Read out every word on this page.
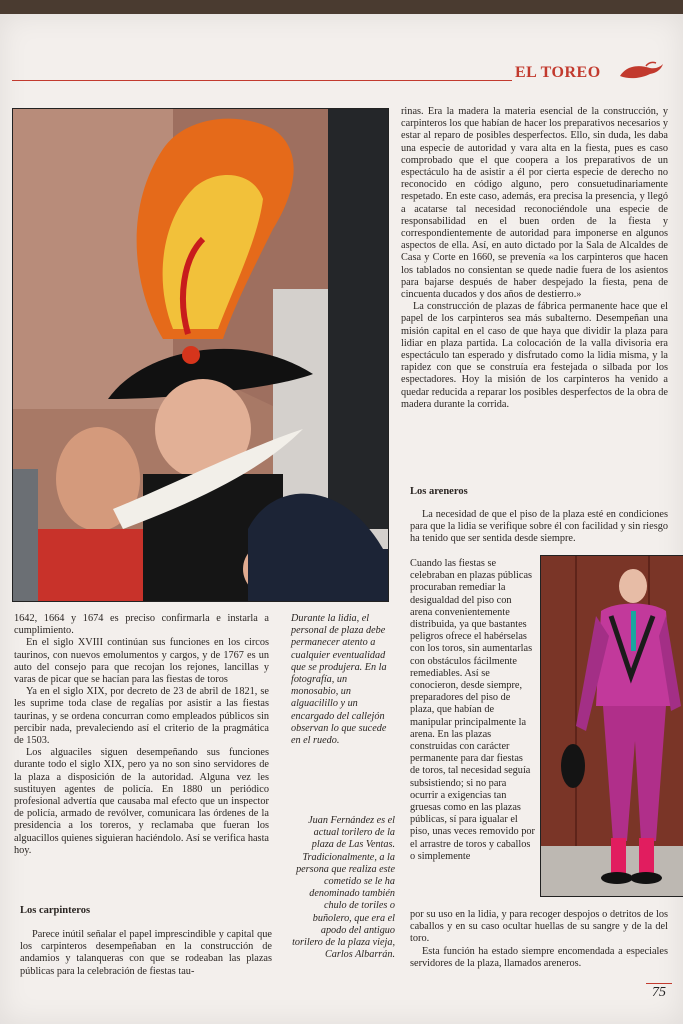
EL TOREO

1642, 1664 y 1674 es preciso confirmarla e instarla a cumplimiento.

En el siglo XVIII continúan sus funciones en los circos taurinos, con nuevos emolumentos y cargos, y de 1767 es un auto del consejo para que recojan los rejones, lancillas y varas de picar que se hacían para las fiestas de toros

Ya en el siglo XIX, por decreto de 23 de abril de 1821, se les suprime toda clase de regalías por asistir a las fiestas taurinas, y se ordena concurran como empleados públicos sin percibir nada, prevaleciendo así el criterio de la pragmática de 1503.

Los alguaciles siguen desempeñando sus funciones durante todo el siglo XIX, pero ya no son sino servidores de la plaza a disposición de la autoridad. Alguna vez les sustituyen agentes de policía. En 1880 un periódico profesional advertía que causaba mal efecto que un inspector de policía, armado de revólver, comunicara las órdenes de la presidencia a los toreros, y reclamaba que fueran los alguacillos quienes siguieran haciéndolo. Así se verifica hasta hoy.

Los carpinteros

Parece inútil señalar el papel imprescindible y capital que los carpinteros desempeñaban en la construcción de andamios y talanqueras con que se rodeaban las plazas públicas para la celebración de fiestas tau-

Durante la lidia, el personal de plaza debe permanecer atento a cualquier eventualidad que se produjera. En la fotografía, un monosabio, un alguacilillo y un encargado del callejón observan lo que sucede en el ruedo.
Juan Fernández es el actual torilero de la plaza de Las Ventas. Tradicionalmente, a la persona que realiza este cometido se le ha denominado también chulo de toriles o buñolero, que era el apodo del antiguo torilero de la plaza vieja, Carlos Albarrán.

rinas. Era la madera la materia esencial de la construcción, y carpinteros los que habían de hacer los preparativos necesarios y estar al reparo de posibles desperfectos. Ello, sin duda, les daba una especie de autoridad y vara alta en la fiesta, pues es caso comprobado que el que coopera a los preparativos de un espectáculo ha de asistir a él por cierta especie de derecho no reconocido en código alguno, pero consuetudinariamente respetado. En este caso, además, era precisa la presencia, y llegó a acatarse tal necesidad reconociéndole una especie de responsabilidad en el buen orden de la fiesta y correspondientemente de autoridad para imponerse en algunos aspectos de ella. Así, en auto dictado por la Sala de Alcaldes de Casa y Corte en 1660, se prevenía «a los carpinteros que hacen los tablados no consientan se quede nadie fuera de los asientos para bajarse después de haber despejado la fiesta, pena de cincuenta ducados y dos años de destierro.»

La construcción de plazas de fábrica permanente hace que el papel de los carpinteros sea más subalterno. Desempeñan una misión capital en el caso de que haya que dividir la plaza para lidiar en plaza partida. La colocación de la valla divisoria era espectáculo tan esperado y disfrutado como la lidia misma, y la rapidez con que se construía era festejada o silbada por los espectadores. Hoy la misión de los carpinteros ha venido a quedar reducida a reparar los posibles desperfectos de la obra de madera durante la corrida.

Los areneros

La necesidad de que el piso de la plaza esté en condiciones para que la lidia se verifique sobre él con facilidad y sin riesgo ha tenido que ser sentida desde siempre.

Cuando las fiestas se celebraban en plazas públicas procuraban remediar la desigualdad del piso con arena convenientemente distribuida, ya que bastantes peligros ofrece el habérselas con los toros, sin aumentarlas con obstáculos fácilmente remediables. Así se conocieron, desde siempre, preparadores del piso de plaza, que habían de manipular principalmente la arena. En las plazas construidas con carácter permanente para dar fiestas de toros, tal necesidad seguía subsistiendo; si no para ocurrir a exigencias tan gruesas como en las plazas públicas, sí para igualar el piso, unas veces removido por el arrastre de toros y caballos o simplemente

por su uso en la lidia, y para recoger despojos o detritos de los caballos y en su caso ocultar huellas de su sangre y de la del toro.

Esta función ha estado siempre encomendada a especiales servidores de la plaza, llamados areneros.

75
